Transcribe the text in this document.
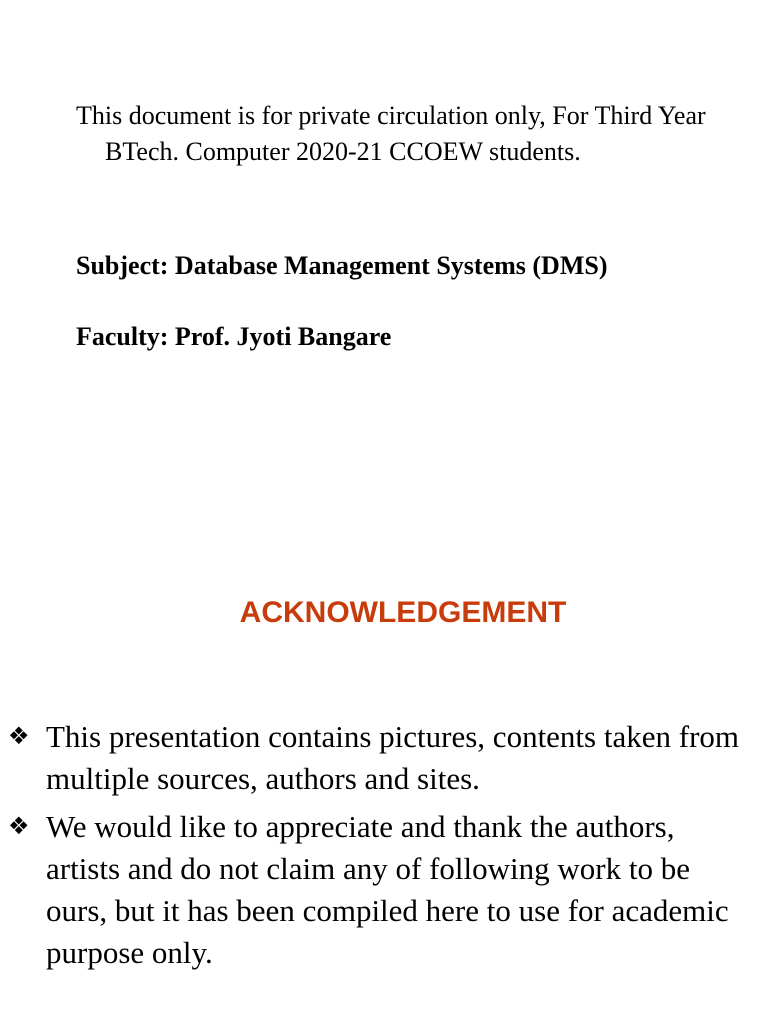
This document is for private circulation only, For Third Year BTech. Computer 2020-21 CCOEW students.

Subject: Database Management Systems (DMS)

Faculty: Prof. Jyoti Bangare

ACKNOWLEDGEMENT
❖ This presentation contains pictures, contents taken from multiple sources, authors and sites.
❖ We would like to appreciate and thank the authors, artists and do not claim any of following work to be ours, but it has been compiled here to use for academic purpose only.
